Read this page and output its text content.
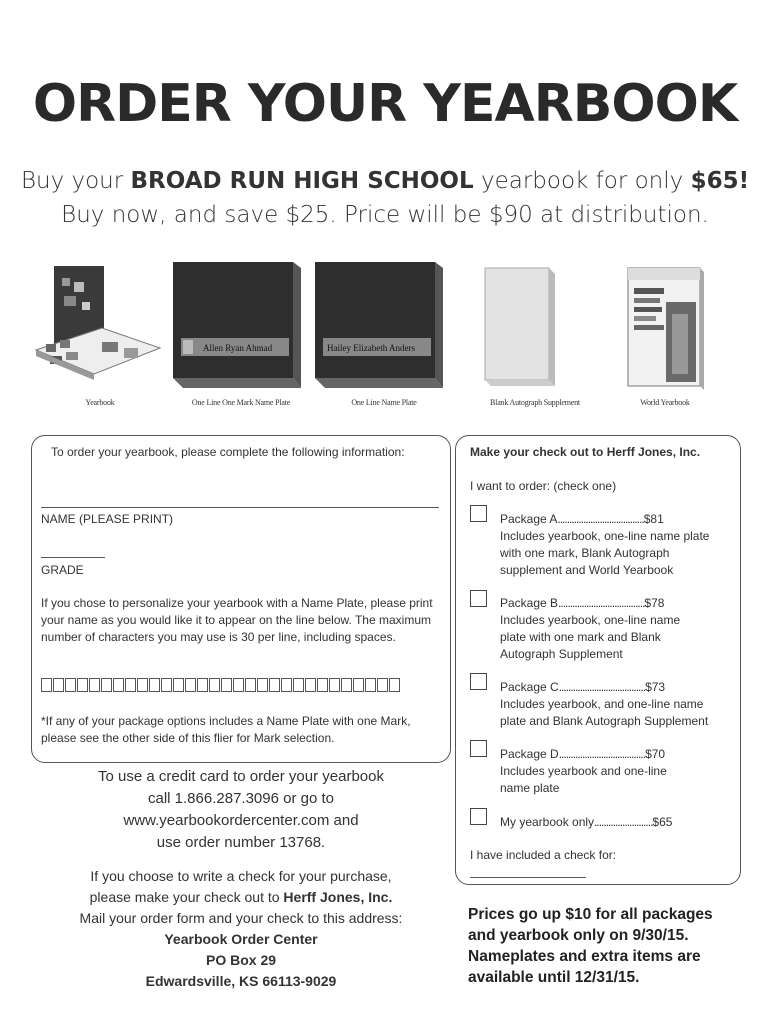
ORDER YOUR YEARBOOK
Buy your BROAD RUN HIGH SCHOOL yearbook for only $65!
Buy now, and save $25. Price will be $90 at distribution.
Yearbook
Allen Ryan Ahmad
One Line One Mark Name Plate
Hailey Elizabeth Anders
One Line Name Plate	Blank Autograph Supplement	World Yearbook
To order your yearbook, please complete the following information:
NAME (PLEASE PRINT)
GRADE
If you chose to personalize your yearbook with a Name Plate, please print your name as you would like it to appear on the line below. The maximum number of characters you may use is 30 per line, including spaces.
*If any of your package options includes a Name Plate with one Mark, please see the other side of this flier for Mark selection.
To use a credit card to order your yearbook
call 1.866.287.3096 or go to
www.yearbookordercenter.com and
use order number 13768.
If you choose to write a check for your purchase,
please make your check out to Herff Jones, Inc.
Mail your order form and your check to this address:
Yearbook Order Center
PO Box 29
Edwardsville, KS 66113-9029
Make your check out to Herff Jones, Inc.
I want to order: (check one)
Package A.....................................$81
Includes yearbook, one-line name plate
with one mark, Blank Autograph
supplement and World Yearbook
Package B.....................................$78
Includes yearbook, one-line name
plate with one mark and Blank
Autograph Supplement
Package C.....................................$73
Includes yearbook, and one-line name
plate and Blank Autograph Supplement
Package D.....................................$70
Includes yearbook and one-line
name plate
My yearbook only.........................$65
I have included a check for:
Prices go up $10 for all packages
and yearbook only on 9/30/15.
Nameplates and extra items are
available until 12/31/15.
